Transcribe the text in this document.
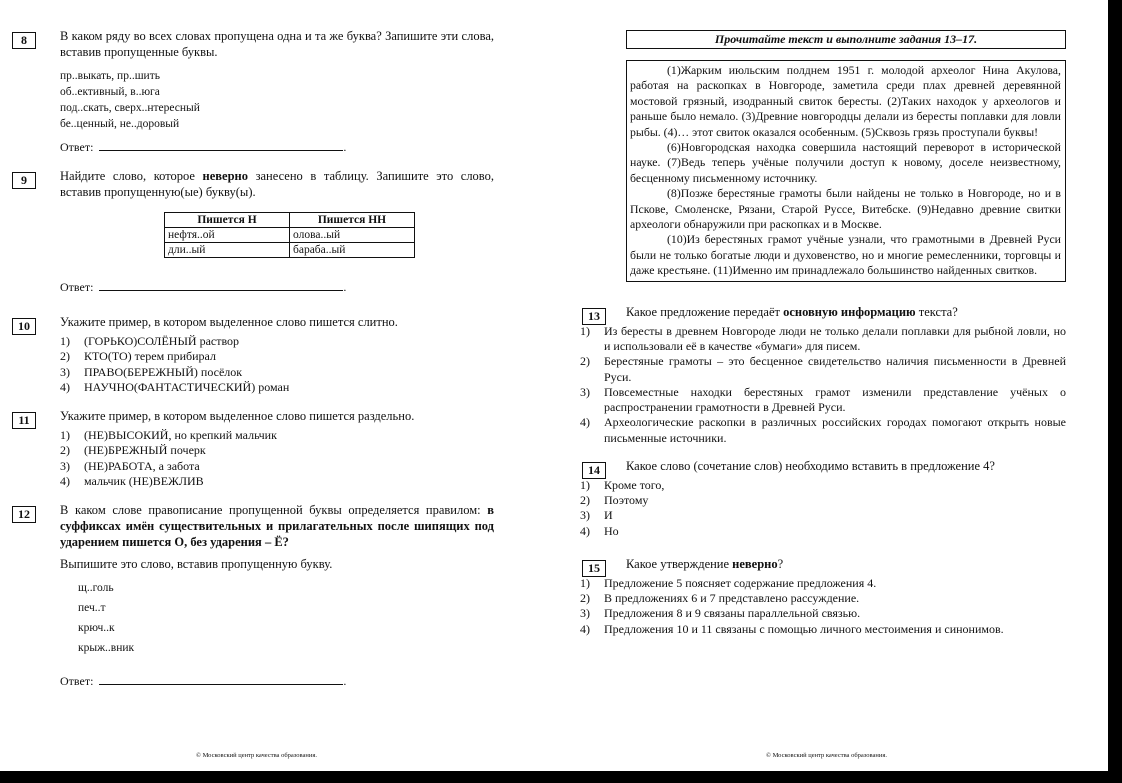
8	В каком ряду во всех словах пропущена одна и та же буква? Запишите эти слова, вставив пропущенные буквы.
пр..выкать, пр..шить
об..ективный, в..юга
под..скать, сверх..нтересный
бе..ценный, не..доровый
Ответ:	.
9	Найдите слово, которое неверно занесено в таблицу. Запишите это слово, вставив пропущенную(ые) букву(ы).
Пишется Н	Пишется НН
нефтя..ой	олова..ый
дли..ый	бараба..ый
Ответ:	.
10	Укажите пример, в котором выделенное слово пишется слитно.
1) (ГОРЬКО)СОЛЁНЫЙ раствор
2) КТО(ТО) терем прибирал
3) ПРАВО(БЕРЕЖНЫЙ) посёлок
4) НАУЧНО(ФАНТАСТИЧЕСКИЙ) роман
11	Укажите пример, в котором выделенное слово пишется раздельно.
1) (НЕ)ВЫСОКИЙ, но крепкий мальчик
2) (НЕ)БРЕЖНЫЙ почерк
3) (НЕ)РАБОТА, а забота
4) мальчик (НЕ)ВЕЖЛИВ
12	В каком слове правописание пропущенной буквы определяется правилом: в суффиксах имён существительных и прилагательных после шипящих под ударением пишется О, без ударения – Ё?
Выпишите это слово, вставив пропущенную букву.
щ..голь
печ..т
крюч..к
крыж..вник
Ответ:	.
Прочитайте текст и выполните задания 13–17.

(1)Жарким июльским полднем 1951 г. молодой археолог Нина Акулова, работая на раскопках в Новгороде, заметила среди плах древней деревянной мостовой грязный, изодранный свиток бересты. (2)Таких находок у археологов и раньше было немало. (3)Древние новгородцы делали из бересты поплавки для ловли рыбы. (4)… этот свиток оказался особенным. (5)Сквозь грязь проступали буквы!

(6)Новгородская находка совершила настоящий переворот в исторической науке. (7)Ведь теперь учёные получили доступ к новому, доселе неизвестному, бесценному письменному источнику.

(8)Позже берестяные грамоты были найдены не только в Новгороде, но и в Пскове, Смоленске, Рязани, Старой Руссе, Витебске. (9)Недавно древние свитки археологи обнаружили при раскопках и в Москве.

(10)Из берестяных грамот учёные узнали, что грамотными в Древней Руси были не только богатые люди и духовенство, но и многие ремесленники, торговцы и даже крестьяне. (11)Именно им принадлежало большинство найденных свитков.

13	Какое предложение передаёт основную информацию текста?
1) Из бересты в древнем Новгороде люди не только делали поплавки для рыбной ловли, но и использовали её в качестве «бумаги» для писем.
2) Берестяные грамоты – это бесценное свидетельство наличия письменности в Древней Руси.
3) Повсеместные находки берестяных грамот изменили представление учёных о распространении грамотности в Древней Руси.
4) Археологические раскопки в различных российских городах помогают открыть новые письменные источники.
14	Какое слово (сочетание слов) необходимо вставить в предложение 4?
1) Кроме того,
2) Поэтому
3) И
4) Но
15	Какое утверждение неверно?
1) Предложение 5 поясняет содержание предложения 4.
2) В предложениях 6 и 7 представлено рассуждение.
3) Предложения 8 и 9 связаны параллельной связью.
4) Предложения 10 и 11 связаны с помощью личного местоимения и синонимов.
© Московский центр качества образования.	© Московский центр качества образования.
